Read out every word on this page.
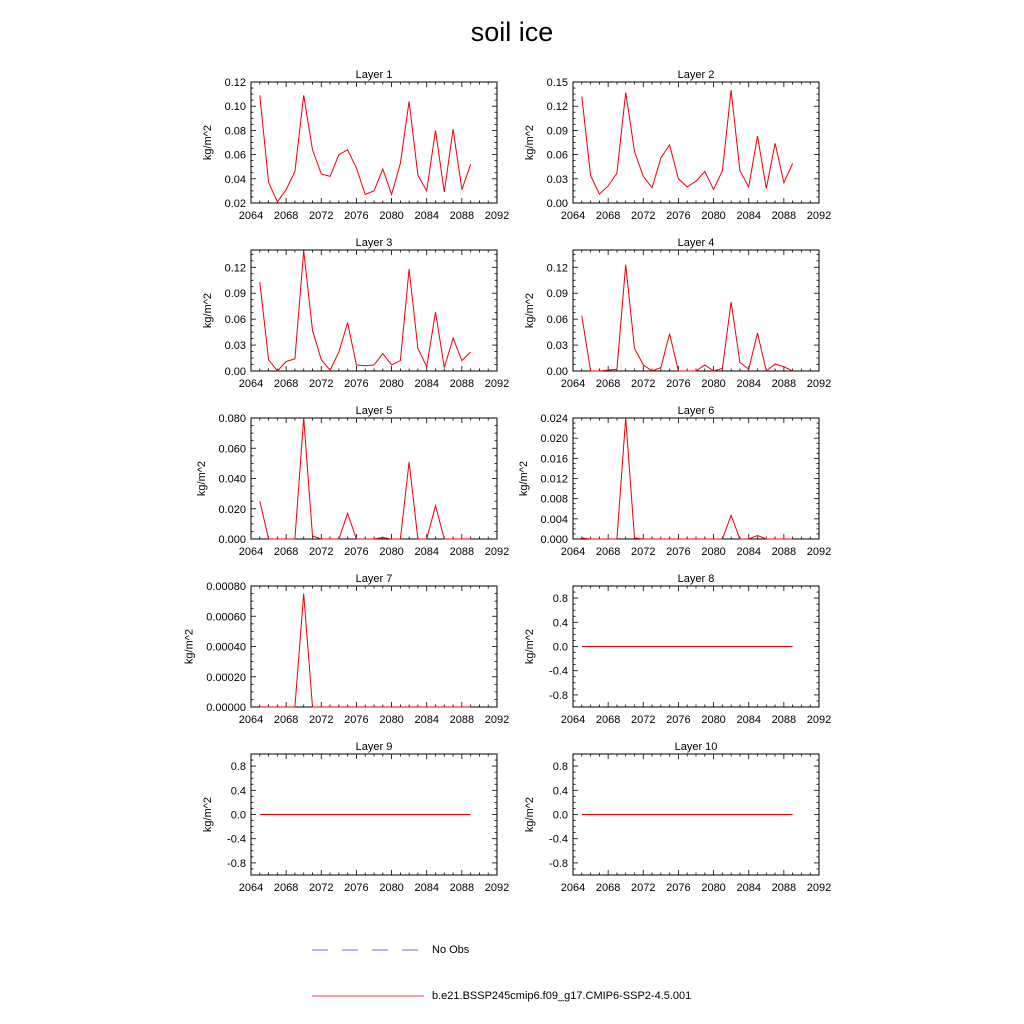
soil ice
2064 2068 2072 2076 2080 2084 2088 2092
0.02
0.04
0.06
0.08
0.10
0.12
Layer 1
kg/m^2
2064 2068 2072 2076 2080 2084 2088 2092
0.00
0.03
0.06
0.09
0.12
0.15
Layer 2
kg/m^2
2064 2068 2072 2076 2080 2084 2088 2092
0.00
0.03
0.06
0.09
0.12
Layer 3
kg/m^2
2064 2068 2072 2076 2080 2084 2088 2092
0.00
0.03
0.06
0.09
0.12
Layer 4
kg/m^2
2064 2068 2072 2076 2080 2084 2088 2092
0.000
0.020
0.040
0.060
0.080
Layer 5
kg/m^2
2064 2068 2072 2076 2080 2084 2088 2092
0.000
0.004
0.008
0.012
0.016
0.020
0.024
Layer 6
kg/m^2
2064 2068 2072 2076 2080 2084 2088 2092
0.00000
0.00020
0.00040
0.00060
0.00080
Layer 7
kg/m^2
2064 2068 2072 2076 2080 2084 2088 2092
-0.8
-0.4
0.0
0.4
0.8
Layer 8
kg/m^2
2064 2068 2072 2076 2080 2084 2088 2092
-0.8
-0.4
0.0
0.4
0.8
Layer 9
kg/m^2
2064 2068 2072 2076 2080 2084 2088 2092
-0.8
-0.4
0.0
0.4
0.8
Layer 10
kg/m^2
No Obs
b.e21.BSSP245cmip6.f09_g17.CMIP6-SSP2-4.5.001
